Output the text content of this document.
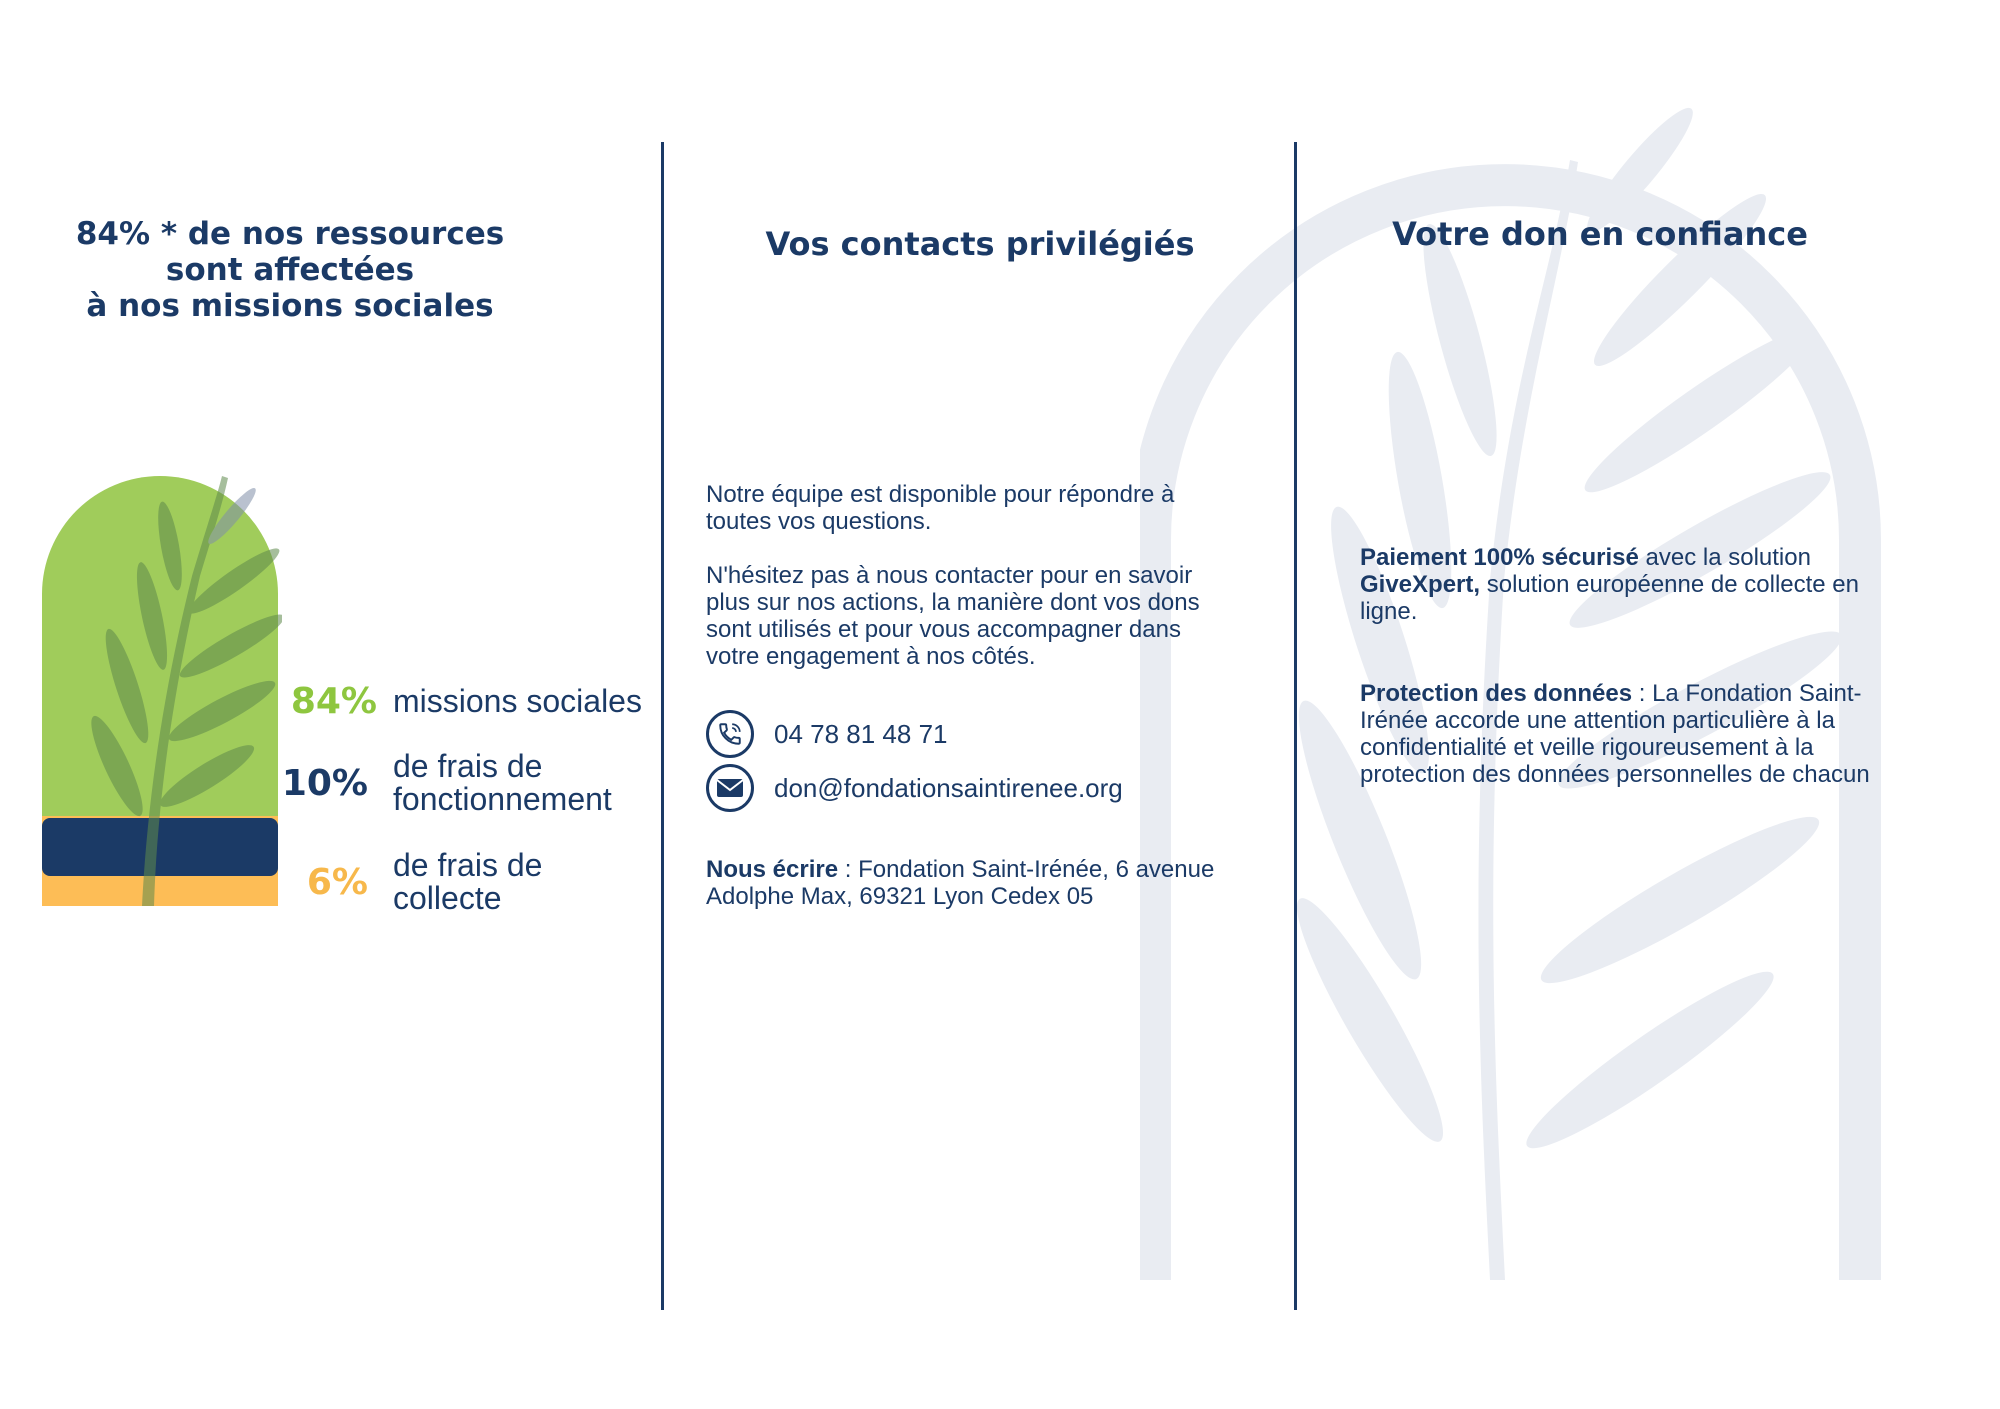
84% * de nos ressources
sont affectées
à nos missions sociales
84% missions sociales
10% de frais de
fonctionnement
6% de frais de
collecte
Vos contacts privilégiés
Notre équipe est disponible pour répondre à
toutes vos questions.
N'hésitez pas à nous contacter pour en savoir
plus sur nos actions, la manière dont vos dons
sont utilisés et pour vous accompagner dans
votre engagement à nos côtés.
04 78 81 48 71
don@fondationsaintirenee.org
Nous écrire : Fondation Saint-Irénée, 6 avenue
Adolphe Max, 69321 Lyon Cedex 05
Votre don en confiance
Paiement 100% sécurisé avec la solution
GiveXpert, solution européenne de collecte en
ligne.
Protection des données : La Fondation Saint-
Irénée accorde une attention particulière à la
confidentialité et veille rigoureusement à la
protection des données personnelles de chacun
